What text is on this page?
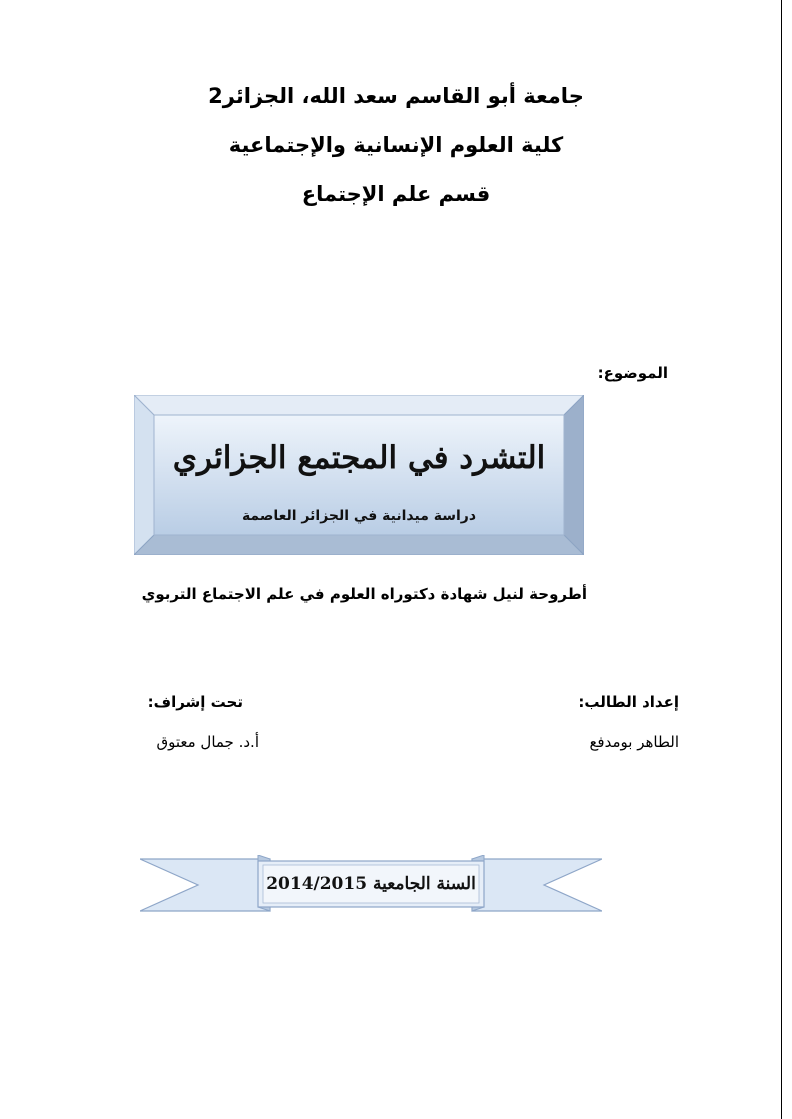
جامعة أبو القاسم سعد الله، الجزائر2
كلية العلوم الإنسانية والإجتماعية
قسم علم الإجتماع
الموضوع:
التشرد في المجتمع الجزائري
دراسة ميدانية في الجزائر العاصمة
أطروحة لنيل شهادة دكتوراه العلوم في علم الاجتماع التربوي
إعداد الطالب:
الطاهر بومدفع
تحت إشراف:
أ.د. جمال معتوق
السنة الجامعية 2014/2015
